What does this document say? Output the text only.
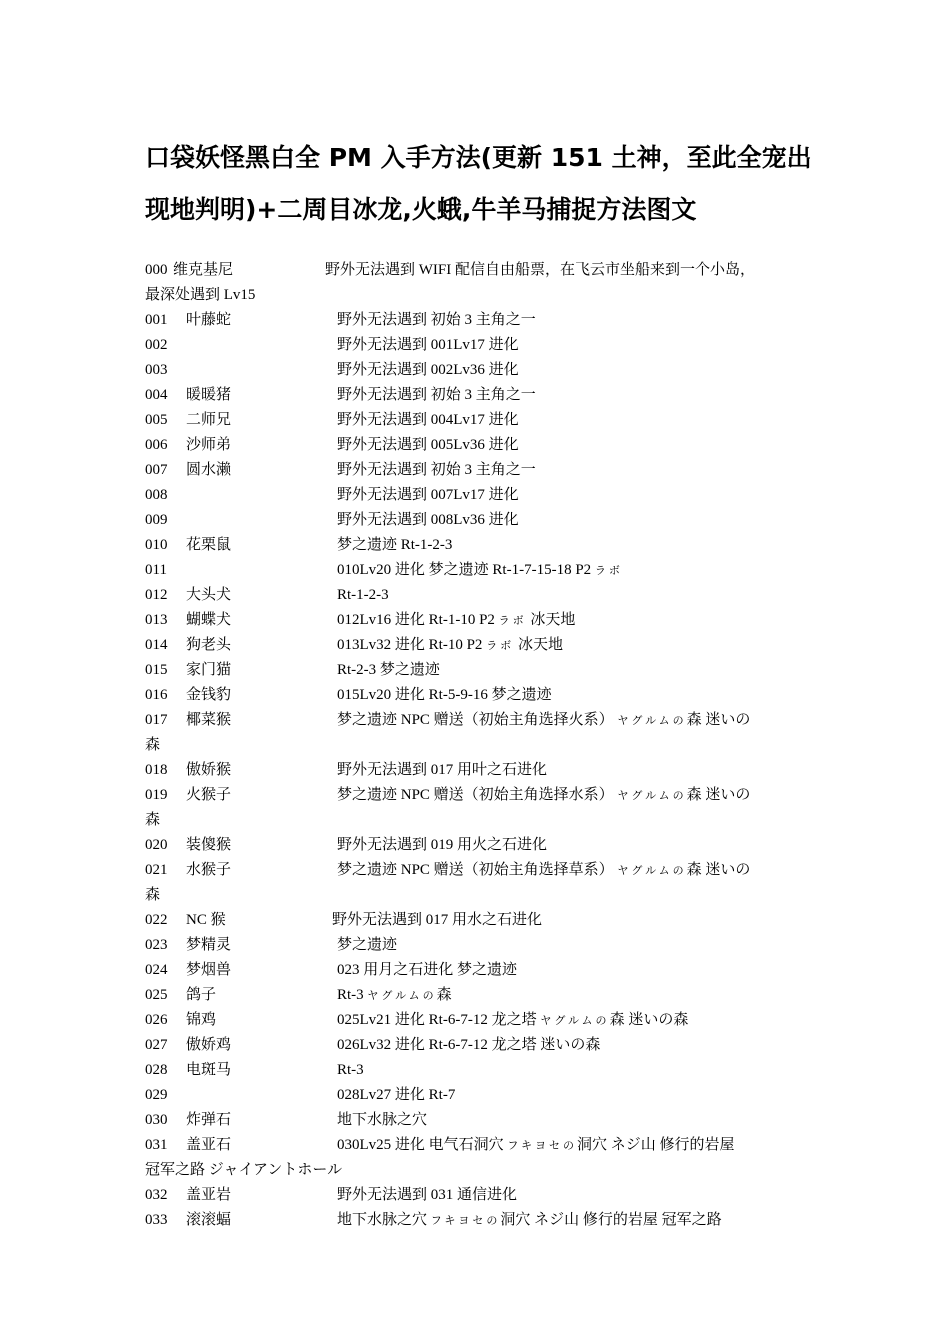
口袋妖怪黑白全 PM 入手方法(更新 151 土神，至此全宠出现地判明)+二周目冰龙,火蛾,牛羊马捕捉方法图文
000 维克基尼	野外无法遇到 WIFI 配信自由船票，在飞云市坐船来到一个小岛，
最深处遇到 Lv15
001 叶藤蛇	野外无法遇到 初始 3 主角之一
002	野外无法遇到 001Lv17 进化
003	野外无法遇到 002Lv36 进化
004 暖暖猪	野外无法遇到 初始 3 主角之一
005 二师兄	野外无法遇到 004Lv17 进化
006 沙师弟	野外无法遇到 005Lv36 进化
007 圆水濑	野外无法遇到 初始 3 主角之一
008	野外无法遇到 007Lv17 进化
009	野外无法遇到 008Lv36 进化
010 花栗鼠	梦之遗迹 Rt-1-2-3
011	010Lv20 进化 梦之遗迹 Rt-1-7-15-18 P2 ラボ
012 大头犬	Rt-1-2-3
013 蝴蝶犬	012Lv16 进化 Rt-1-10 P2 ラボ 冰天地
014 狗老头	013Lv32 进化 Rt-10 P2 ラボ 冰天地
015 家门猫	Rt-2-3 梦之遗迹
016 金钱豹	015Lv20 进化 Rt-5-9-16 梦之遗迹
017 椰菜猴	梦之遗迹 NPC 赠送（初始主角选择火系） ヤグルムの森 迷いの
森
018 傲娇猴	野外无法遇到 017 用叶之石进化
019 火猴子	梦之遗迹 NPC 赠送（初始主角选择水系） ヤグルムの森 迷いの
森
020 装傻猴	野外无法遇到 019 用火之石进化
021 水猴子	梦之遗迹 NPC 赠送（初始主角选择草系） ヤグルムの森 迷いの
森
022 NC 猴	野外无法遇到 017 用水之石进化
023 梦精灵	梦之遗迹
024 梦烟兽	023 用月之石进化 梦之遗迹
025 鸽子	Rt-3 ヤグルムの森
026 锦鸡	025Lv21 进化 Rt-6-7-12 龙之塔 ヤグルムの森 迷いの森
027 傲娇鸡	026Lv32 进化 Rt-6-7-12 龙之塔 迷いの森
028 电斑马	Rt-3
029	028Lv27 进化 Rt-7
030 炸弹石	地下水脉之穴
031 盖亚石	030Lv25 进化 电气石洞穴 フキヨセの洞穴 ネジ山 修行的岩屋
冠军之路 ジャイアントホール
032 盖亚岩	野外无法遇到 031 通信进化
033 滚滚蝠	地下水脉之穴 フキヨセの洞穴 ネジ山 修行的岩屋 冠军之路
